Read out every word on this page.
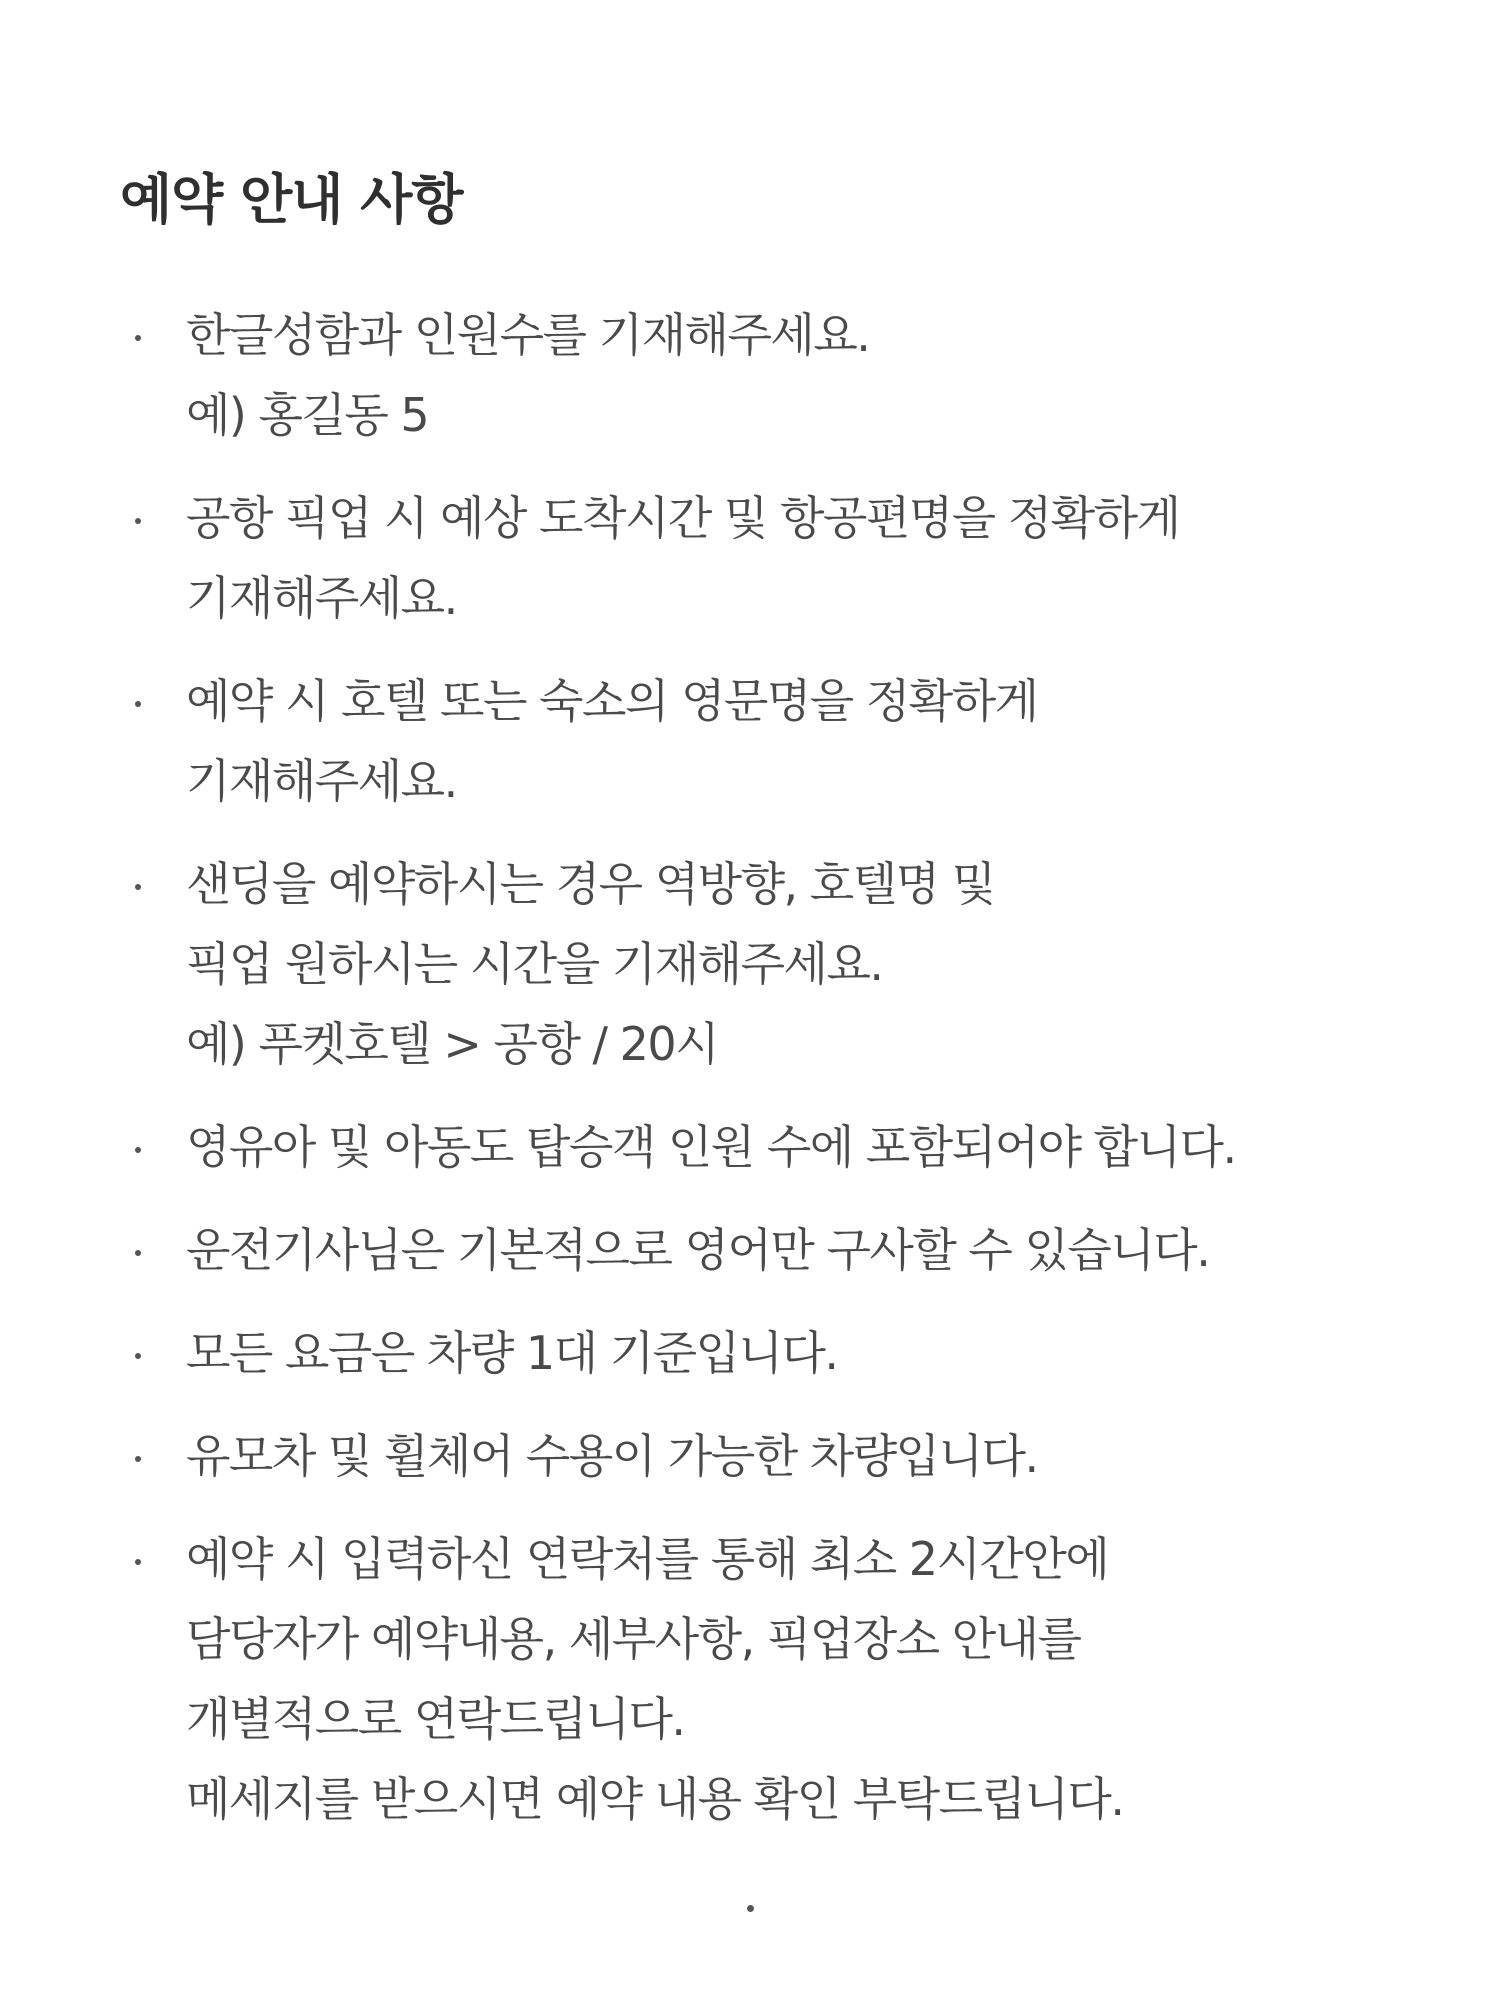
예약 안내 사항
한글성함과 인원수를 기재해주세요.
예) 홍길동 5
공항 픽업 시 예상 도착시간 및 항공편명을 정확하게
기재해주세요.
예약 시 호텔 또는 숙소의 영문명을 정확하게
기재해주세요.
샌딩을 예약하시는 경우 역방향, 호텔명 및
픽업 원하시는 시간을 기재해주세요.
예) 푸켓호텔 > 공항 / 20시
영유아 및 아동도 탑승객 인원 수에 포함되어야 합니다.
운전기사님은 기본적으로 영어만 구사할 수 있습니다.
모든 요금은 차량 1대 기준입니다.
유모차 및 휠체어 수용이 가능한 차량입니다.
예약 시 입력하신 연락처를 통해 최소 2시간안에
담당자가 예약내용, 세부사항, 픽업장소 안내를
개별적으로 연락드립니다.
메세지를 받으시면 예약 내용 확인 부탁드립니다.
